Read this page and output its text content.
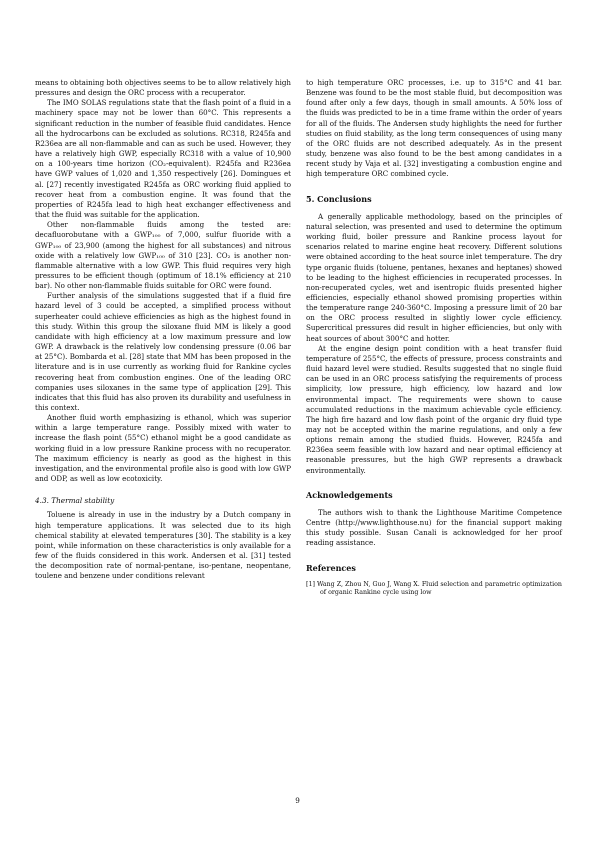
means to obtaining both objectives seems to be to allow relatively high pressures and design the ORC process with a recuperator.

The IMO SOLAS regulations state that the flash point of a fluid in a machinery space may not be lower than 60°C. This represents a significant reduction in the number of feasible fluid candidates. Hence all the hydrocarbons can be excluded as solutions. RC318, R245fa and R236ea are all non-flammable and can as such be used. However, they have a relatively high GWP, especially RC318 with a value of 10,900 on a 100-years time horizon (CO₂-equivalent). R245fa and R236ea have GWP values of 1,020 and 1,350 respectively [26]. Domingues et al. [27] recently investigated R245fa as ORC working fluid applied to recover heat from a combustion engine. It was found that the properties of R245fa lead to high heat exchanger effectiveness and that the fluid was suitable for the application.

Other non-flammable fluids among the tested are: decafluorobutane with a GWP₁₀₀ of 7,000, sulfur fluoride with a GWP₁₀₀ of 23,900 (among the highest for all substances) and nitrous oxide with a relatively low GWP₁₀₀ of 310 [23]. CO₂ is another non-flammable alternative with a low GWP. This fluid requires very high pressures to be efficient though (optimum of 18.1% efficiency at 210 bar). No other non-flammable fluids suitable for ORC were found.

Further analysis of the simulations suggested that if a fluid fire hazard level of 3 could be accepted, a simplified process without superheater could achieve efficiencies as high as the highest found in this study. Within this group the siloxane fluid MM is likely a good candidate with high efficiency at a low maximum pressure and low GWP. A drawback is the relatively low condensing pressure (0.06 bar at 25°C). Bombarda et al. [28] state that MM has been proposed in the literature and is in use currently as working fluid for Rankine cycles recovering heat from combustion engines. One of the leading ORC companies uses siloxanes in the same type of application [29]. This indicates that this fluid has also proven its durability and usefulness in this context.

Another fluid worth emphasizing is ethanol, which was superior within a large temperature range. Possibly mixed with water to increase the flash point (55°C) ethanol might be a good candidate as working fluid in a low pressure Rankine process with no recuperator. The maximum efficiency is nearly as good as the highest in this investigation, and the environmental profile also is good with low GWP and ODP, as well as low ecotoxicity.

4.3. Thermal stability

Toluene is already in use in the industry by a Dutch company in high temperature applications. It was selected due to its high chemical stability at elevated temperatures [30]. The stability is a key point, while information on these characteristics is only available for a few of the fluids considered in this work. Andersen et al. [31] tested the decomposition rate of normal-pentane, iso-pentane, neopentane, toulene and benzene under conditions relevant

to high temperature ORC processes, i.e. up to 315°C and 41 bar. Benzene was found to be the most stable fluid, but decomposition was found after only a few days, though in small amounts. A 50% loss of the fluids was predicted to be in a time frame within the order of years for all of the fluids. The Andersen study highlights the need for further studies on fluid stability, as the long term consequences of using many of the ORC fluids are not described adequately. As in the present study, benzene was also found to be the best among candidates in a recent study by Vaja et al. [32] investigating a combustion engine and high temperature ORC combined cycle.

5. Conclusions

A generally applicable methodology, based on the principles of natural selection, was presented and used to determine the optimum working fluid, boiler pressure and Rankine process layout for scenarios related to marine engine heat recovery. Different solutions were obtained according to the heat source inlet temperature. The dry type organic fluids (toluene, pentanes, hexanes and heptanes) showed to be leading to the highest efficiencies in recuperated processes. In non-recuperated cycles, wet and isentropic fluids presented higher efficiencies, especially ethanol showed promising properties within the temperature range 240-360°C. Imposing a pressure limit of 20 bar on the ORC process resulted in slightly lower cycle efficiency. Supercritical pressures did result in higher efficiencies, but only with heat sources of about 300°C and hotter.

At the engine design point condition with a heat transfer fluid temperature of 255°C, the effects of pressure, process constraints and fluid hazard level were studied. Results suggested that no single fluid can be used in an ORC process satisfying the requirements of process simplicity, low pressure, high efficiency, low hazard and low environmental impact. The requirements were shown to cause accumulated reductions in the maximum achievable cycle efficiency. The high fire hazard and low flash point of the organic dry fluid type may not be accepted within the marine regulations, and only a few options remain among the studied fluids. However, R245fa and R236ea seem feasible with low hazard and near optimal efficiency at reasonable pressures, but the high GWP represents a drawback environmentally.

Acknowledgements

The authors wish to thank the Lighthouse Maritime Competence Centre (http://www.lighthouse.nu) for the financial support making this study possible. Susan Canali is acknowledged for her proof reading assistance.

References

[1] Wang Z, Zhou N, Guo J, Wang X. Fluid selection and parametric optimization of organic Rankine cycle using low

9
